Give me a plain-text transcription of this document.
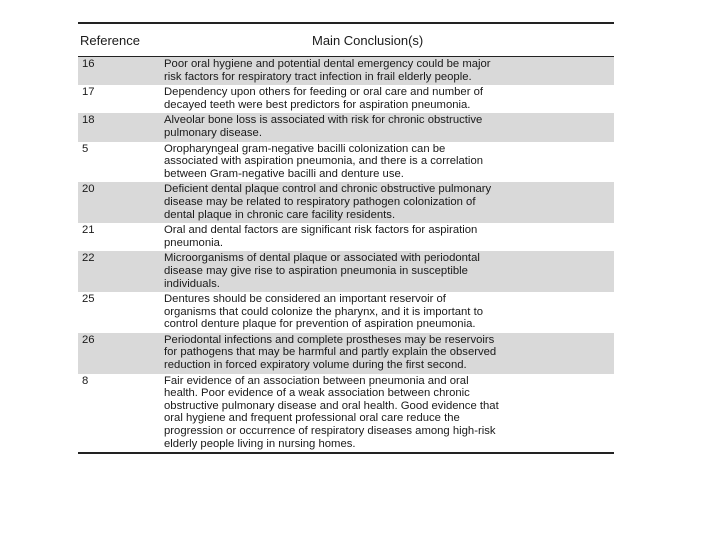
Reference	Main Conclusion(s)
16	Poor oral hygiene and potential dental emergency could be major
risk factors for respiratory tract infection in frail elderly people.
17	Dependency upon others for feeding or oral care and number of
decayed teeth were best predictors for aspiration pneumonia.
18	Alveolar bone loss is associated with risk for chronic obstructive
pulmonary disease.
5	Oropharyngeal gram-negative bacilli colonization can be
associated with aspiration pneumonia, and there is a correlation
between Gram-negative bacilli and denture use.
20	Deficient dental plaque control and chronic obstructive pulmonary
disease may be related to respiratory pathogen colonization of
dental plaque in chronic care facility residents.
21	Oral and dental factors are significant risk factors for aspiration
pneumonia.
22	Microorganisms of dental plaque or associated with periodontal
disease may give rise to aspiration pneumonia in susceptible
individuals.
25	Dentures should be considered an important reservoir of
organisms that could colonize the pharynx, and it is important to
control denture plaque for prevention of aspiration pneumonia.
26	Periodontal infections and complete prostheses may be reservoirs
for pathogens that may be harmful and partly explain the observed
reduction in forced expiratory volume during the first second.
8	Fair evidence of an association between pneumonia and oral
health. Poor evidence of a weak association between chronic
obstructive pulmonary disease and oral health. Good evidence that
oral hygiene and frequent professional oral care reduce the
progression or occurrence of respiratory diseases among high-risk
elderly people living in nursing homes.
